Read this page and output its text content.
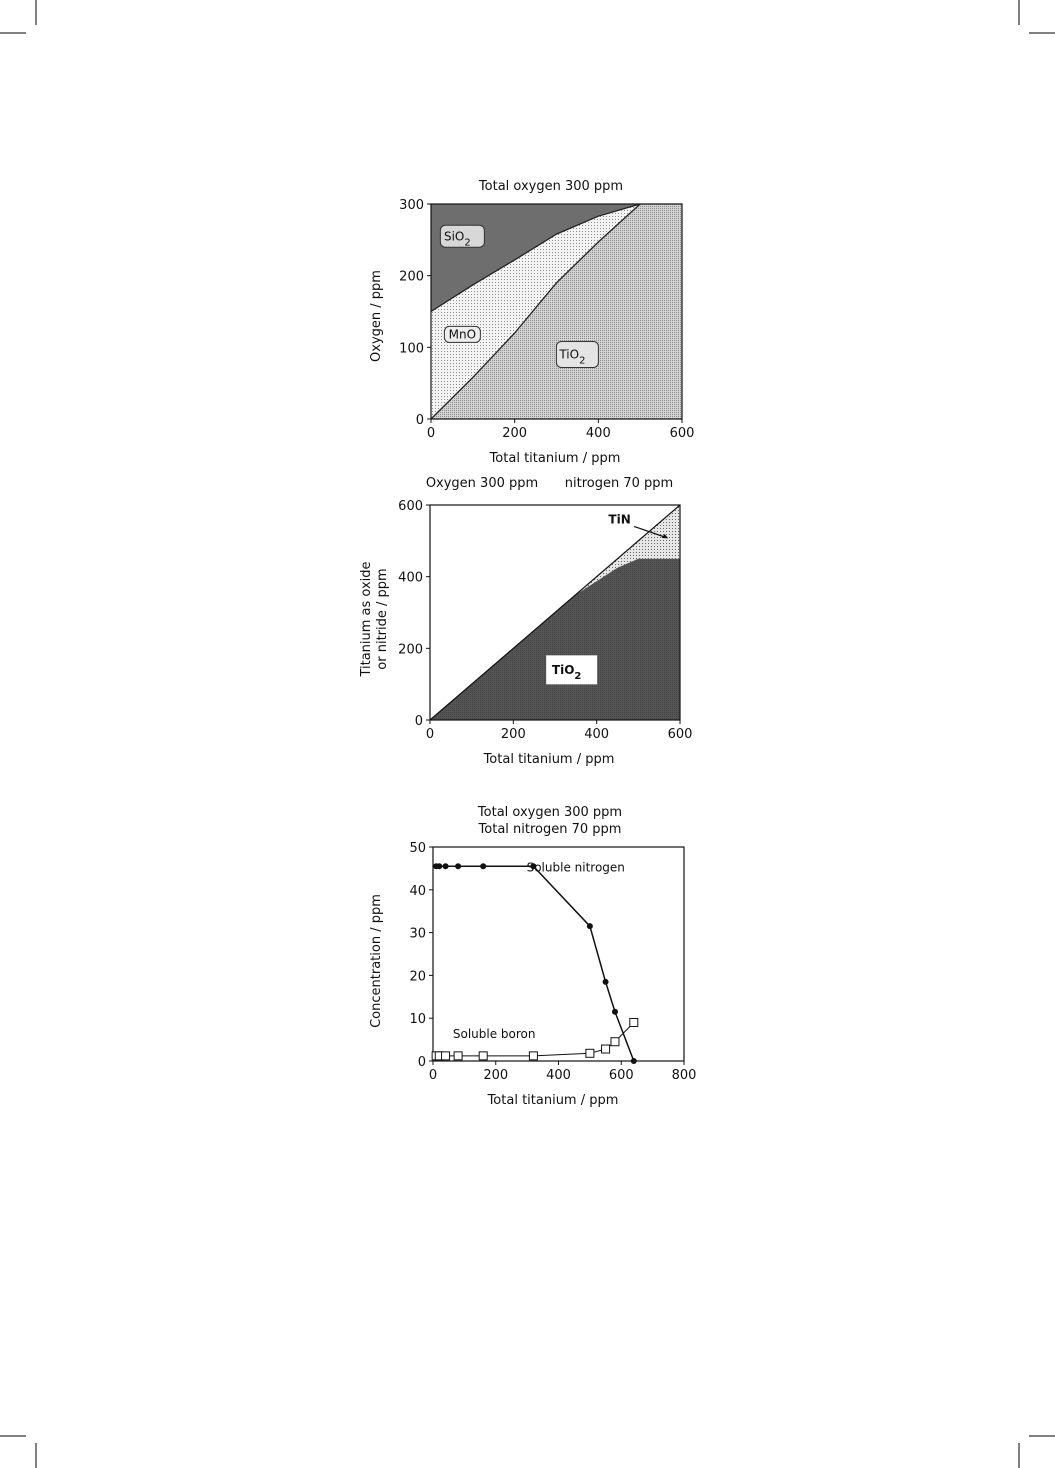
Total oxygen 300 ppm
SiO$_2$
MnO
TiO$_2$
0	200	400	600
0
100
200
300
Total titanium / ppm
Oxygen / ppm
Oxygen 300 ppm nitrogen 70 ppm
TiN
TiO$_2$
0	200	400	600
0
200
400
600
Total titanium / ppm
Titanium as oxide or nitride / ppm
Total oxygen 300 ppm
Total nitrogen 70 ppm
0	200	400	600	800
0
10
20
30
40
50
Soluble nitrogen
Soluble boron
Total titanium / ppm
Concentration / ppm
